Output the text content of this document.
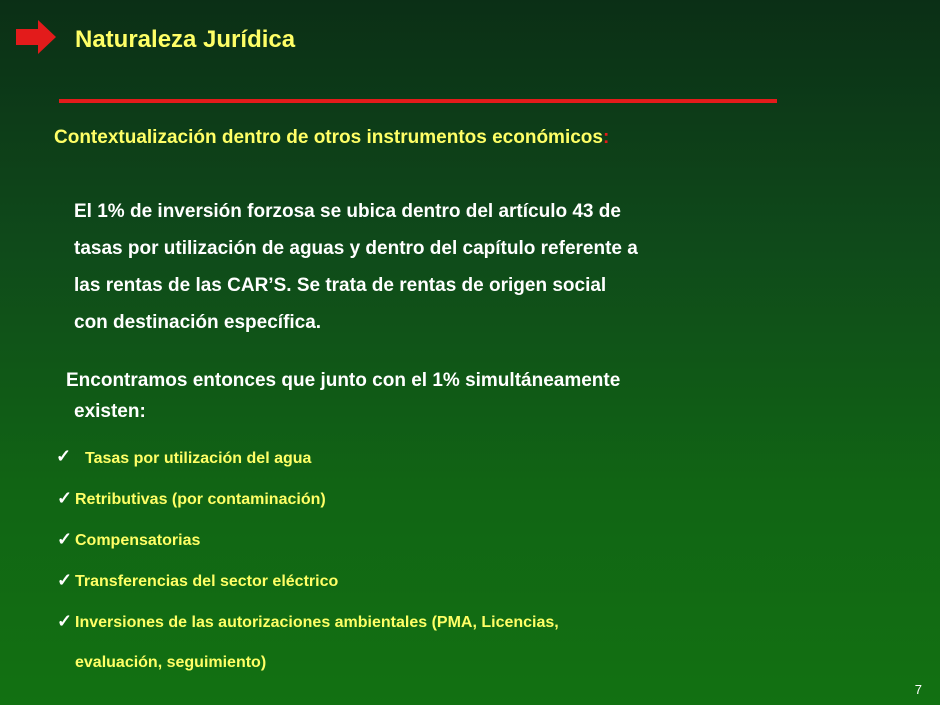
Naturaleza Jurídica
Contextualización dentro de otros instrumentos económicos:
El 1% de inversión forzosa se ubica dentro del artículo 43 de
tasas por utilización de aguas y dentro del capítulo referente a
las rentas de las CAR’S. Se trata de rentas de origen social
con destinación específica.
Encontramos entonces que junto con el 1% simultáneamente
existen:
✓ Tasas por utilización del agua
✓ Retributivas (por contaminación)
✓ Compensatorias
✓ Transferencias del sector eléctrico
✓ Inversiones de las autorizaciones ambientales (PMA, Licencias,
evaluación, seguimiento)
7
